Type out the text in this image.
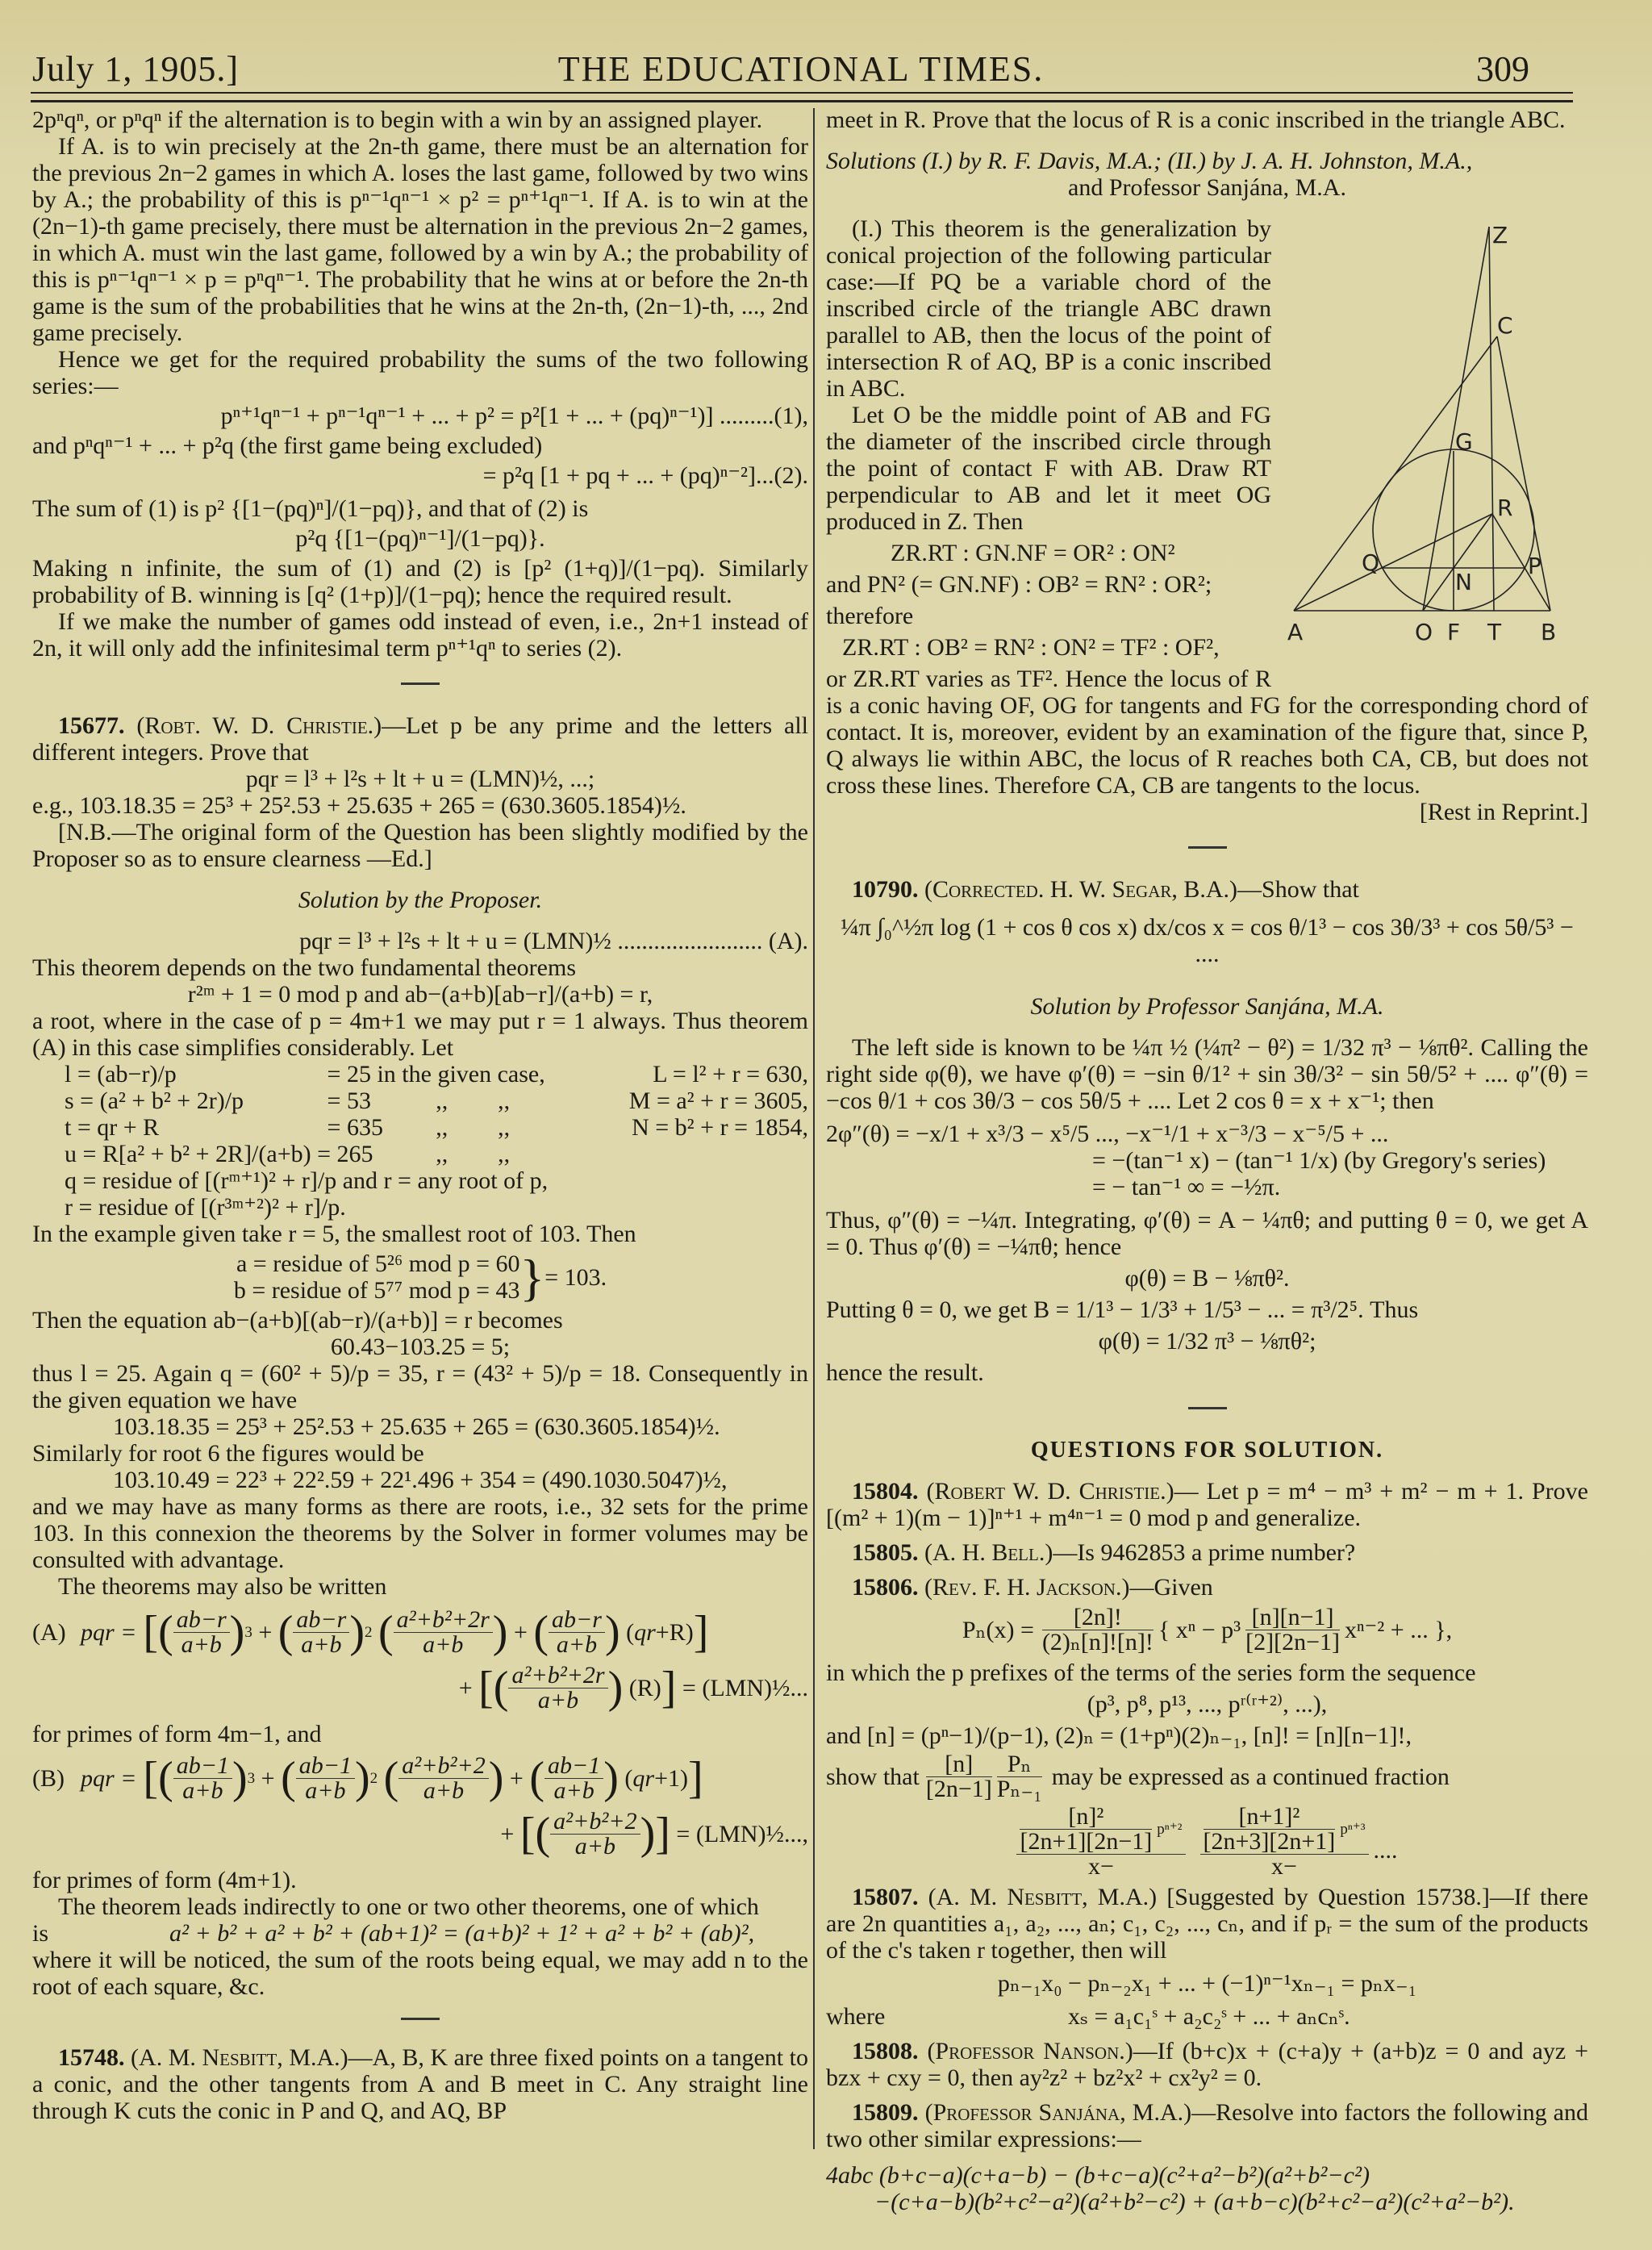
THE EDUCATIONAL TIMES.
July 1, 1905.]	309

2pⁿqⁿ, or pⁿqⁿ if the alternation is to begin with a win by an assigned player.

If A. is to win precisely at the 2n-th game, there must be an alternation for the previous 2n−2 games in which A. loses the last game, followed by two wins by A.; the probability of this is pⁿ⁻¹qⁿ⁻¹ × p² = pⁿ⁺¹qⁿ⁻¹. If A. is to win at the (2n−1)-th game precisely, there must be alternation in the previous 2n−2 games, in which A. must win the last game, followed by a win by A.; the probability of this is pⁿ⁻¹qⁿ⁻¹ × p = pⁿqⁿ⁻¹. The probability that he wins at or before the 2n-th game is the sum of the probabilities that he wins at the 2n-th, (2n−1)-th, ..., 2nd game precisely.

Hence we get for the required probability the sums of the two following series:—

pⁿ⁺¹qⁿ⁻¹ + pⁿ⁻¹qⁿ⁻¹ + ... + p² = p²[1 + ... + (pq)ⁿ⁻¹)] .........(1),

and pⁿqⁿ⁻¹ + ... + p²q (the first game being excluded)

= p²q [1 + pq + ... + (pq)ⁿ⁻²]...(2).

The sum of (1) is p² {[1−(pq)ⁿ]/(1−pq)}, and that of (2) is

p²q {[1−(pq)ⁿ⁻¹]/(1−pq)}.

Making n infinite, the sum of (1) and (2) is [p² (1+q)]/(1−pq). Similarly probability of B. winning is [q² (1+p)]/(1−pq); hence the required result.

If we make the number of games odd instead of even, i.e., 2n+1 instead of 2n, it will only add the infinitesimal term pⁿ⁺¹qⁿ to series (2).

15677. (Robt. W. D. Christie.)—Let p be any prime and the letters all different integers. Prove that

pqr = l³ + l²s + lt + u = (LMN)½, ...;

e.g., 103.18.35 = 25³ + 25².53 + 25.635 + 265 = (630.3605.1854)½.

[N.B.—The original form of the Question has been slightly modified by the Proposer so as to ensure clearness —Ed.]

Solution by the Proposer.

pqr = l³ + l²s + lt + u = (LMN)½ ........................ (A).

This theorem depends on the two fundamental theorems

r²ᵐ + 1 = 0 mod p and ab−(a+b)[ab−r]/(a+b) = r,

a root, where in the case of p = 4m+1 we may put r = 1 always. Thus theorem (A) in this case simplifies considerably. Let

l = (ab−r)/p	= 25 in the given case,			L = l² + r = 630,
s = (a² + b² + 2r)/p	= 53	,,	,,	M = a² + r = 3605,
t = qr + R	= 635	,,	,,	N = b² + r = 1854,
u = R[a² + b² + 2R]/(a+b) = 265		,,	,,	

q = residue of [(rᵐ⁺¹)² + r]/p and r = any root of p,

r = residue of [(r³ᵐ⁺²)² + r]/p.

In the example given take r = 5, the smallest root of 103. Then

a = residue of 5²⁶ mod p = 60
b = residue of 5⁷⁷ mod p = 43 } = 103.

Then the equation ab−(a+b)[(ab−r)/(a+b)] = r becomes

60.43−103.25 = 5;

thus l = 25. Again q = (60² + 5)/p = 35, r = (43² + 5)/p = 18. Consequently in the given equation we have

103.18.35 = 25³ + 25².53 + 25.635 + 265 = (630.3605.1854)½.

Similarly for root 6 the figures would be

103.10.49 = 22³ + 22².59 + 22¹.496 + 354 = (490.1030.5047)½,

and we may have as many forms as there are roots, i.e., 32 sets for the prime 103. In this connexion the theorems by the Solver in former volumes may be consulted with advantage.

The theorems may also be written

(A) pqr = [ ( $\frac{ab-r}{a+b}$ ) 3 + ( $\frac{ab-r}{a+b}$ ) 2
( $\frac{\text{a²+b²+2r}}{a+b}$ ) + ( $\frac{ab-r}{a+b}$ ) ( qr +R) ]
+ [ ( $\frac{\text{a²+b²+2r}}{a+b}$ ) (R) ]
= (LMN)½...

for primes of form 4m−1, and

(B) pqr = [ ( $\frac{ab-1}{a+b}$ ) 3 + ( $\frac{ab-1}{a+b}$ ) 2
( $\frac{\text{a²+b²+2}}{a+b}$ ) + ( $\frac{ab-1}{a+b}$ ) ( qr +1) ]
+ [ ( $\frac{\text{a²+b²+2}}{a+b}$ ) ]
= (LMN)½...,

for primes of form (4m+1).

The theorem leads indirectly to one or two other theorems, one of which

is	a² + b² + a² + b² + (ab+1)² = (a+b)² + 1² + a² + b² + (ab)²,

where it will be noticed, the sum of the roots being equal, we may add n to the root of each square, &c.

15748. (A. M. Nesbitt, M.A.)—A, B, K are three fixed points on a tangent to a conic, and the other tangents from A and B meet in C. Any straight line through K cuts the conic in P and Q, and AQ, BP

meet in R. Prove that the locus of R is a conic inscribed in the triangle ABC.

Solutions (I.) by R. F. Davis, M.A.; (II.) by J. A. H. Johnston, M.A.,

and Professor Sanjána, M.A.

Z
C
G
R
Q	P
N
A	O F T B

(I.) This theorem is the generalization by conical projection of the following particular case:—If PQ be a variable chord of the inscribed circle of the triangle ABC drawn parallel to AB, then the locus of the point of intersection R of AQ, BP is a conic inscribed in ABC.

Let O be the middle point of AB and FG the diameter of the inscribed circle through the point of contact F with AB. Draw RT perpendicular to AB and let it meet OG produced in Z. Then

ZR.RT : GN.NF = OR² : ON²

and PN² (= GN.NF) : OB² = RN² : OR²;

therefore

ZR.RT : OB² = RN² : ON² = TF² : OF²,

or ZR.RT varies as TF². Hence the locus of R is a conic having OF, OG for tangents and FG for the corresponding chord of contact. It is, moreover, evident by an examination of the figure that, since P, Q always lie within ABC, the locus of R reaches both CA, CB, but does not cross these lines. Therefore CA, CB are tangents to the locus.

[Rest in Reprint.]

10790. (Corrected. H. W. Segar, B.A.)—Show that

¼π ∫₀^½π log (1 + cos θ cos x) dx/cos x = cos θ/1³ − cos 3θ/3³ + cos 5θ/5³ − ....

Solution by Professor Sanjána, M.A.

The left side is known to be ¼π ½ (¼π² − θ²) = 1/32 π³ − ⅛πθ². Calling the right side φ(θ), we have φ′(θ) = −sin θ/1² + sin 3θ/3² − sin 5θ/5² + .... φ″(θ) = −cos θ/1 + cos 3θ/3 − cos 5θ/5 + .... Let 2 cos θ = x + x⁻¹; then

2φ″(θ) = −x/1 + x³/3 − x⁵/5 ..., −x⁻¹/1 + x⁻³/3 − x⁻⁵/5 + ...

= −(tan⁻¹ x) − (tan⁻¹ 1/x) (by Gregory's series)

= − tan⁻¹ ∞ = −½π.

Thus, φ″(θ) = −¼π. Integrating, φ′(θ) = A − ¼πθ; and putting θ = 0, we get A = 0. Thus φ′(θ) = −¼πθ; hence

φ(θ) = B − ⅛πθ².

Putting θ = 0, we get B = 1/1³ − 1/3³ + 1/5³ − ... = π³/2⁵. Thus

φ(θ) = 1/32 π³ − ⅛πθ²;

hence the result.

QUESTIONS FOR SOLUTION.

15804. (Robert W. D. Christie.)— Let p = m⁴ − m³ + m² − m + 1. Prove [(m² + 1)(m − 1)]ⁿ⁺¹ + m⁴ⁿ⁻¹ = 0 mod p and generalize.

15805. (A. H. Bell.)—Is 9462853 a prime number?

15806. (Rev. F. H. Jackson.)—Given

$P_n(x) = \frac{[2n]!}{\text{(2)ₙ[n]![n]!}}$ { $x^n - p^3 \frac{[n][n-1]}{[2][2n-1]} x^{n-2}$ + ... },

in which the p prefixes of the terms of the series form the sequence

(p³, p⁸, p¹³, ..., pʳ⁽ʳ⁺²⁾, ...),

and [n] = (pⁿ−1)/(p−1), (2)ₙ = (1+pⁿ)(2)ₙ₋₁, [n]! = [n][n−1]!,

show that $\frac{[n]}{[2n-1]} \frac{\text{Pₙ}}{\text{Pₙ₋₁}}$ may be expressed as a continued fraction
$\frac{\frac{\text{[n]²}}{[2n+1][2n-1]} p^{n+2}}{x-} \frac{\frac{\text{[n+1]²}}{[2n+3][2n+1]} p^{n+3}}{x-}$ ....

15807. (A. M. Nesbitt, M.A.) [Suggested by Question 15738.]—If there are 2n quantities a₁, a₂, ..., aₙ; c₁, c₂, ..., cₙ, and if pᵣ = the sum of the products of the c's taken r together, then will

pₙ₋₁x₀ − pₙ₋₂x₁ + ... + (−1)ⁿ⁻¹xₙ₋₁ = pₙx₋₁

where	xₛ = a₁c₁ˢ + a₂c₂ˢ + ... + aₙcₙˢ.

15808. (Professor Nanson.)—If (b+c)x + (c+a)y + (a+b)z = 0 and ayz + bzx + cxy = 0, then ay²z² + bz²x² + cx²y² = 0.

15809. (Professor Sanjána, M.A.)—Resolve into factors the following and two other similar expressions:—

4abc (b+c−a)(c+a−b) − (b+c−a)(c²+a²−b²)(a²+b²−c²)

−(c+a−b)(b²+c²−a²)(a²+b²−c²) + (a+b−c)(b²+c²−a²)(c²+a²−b²).
